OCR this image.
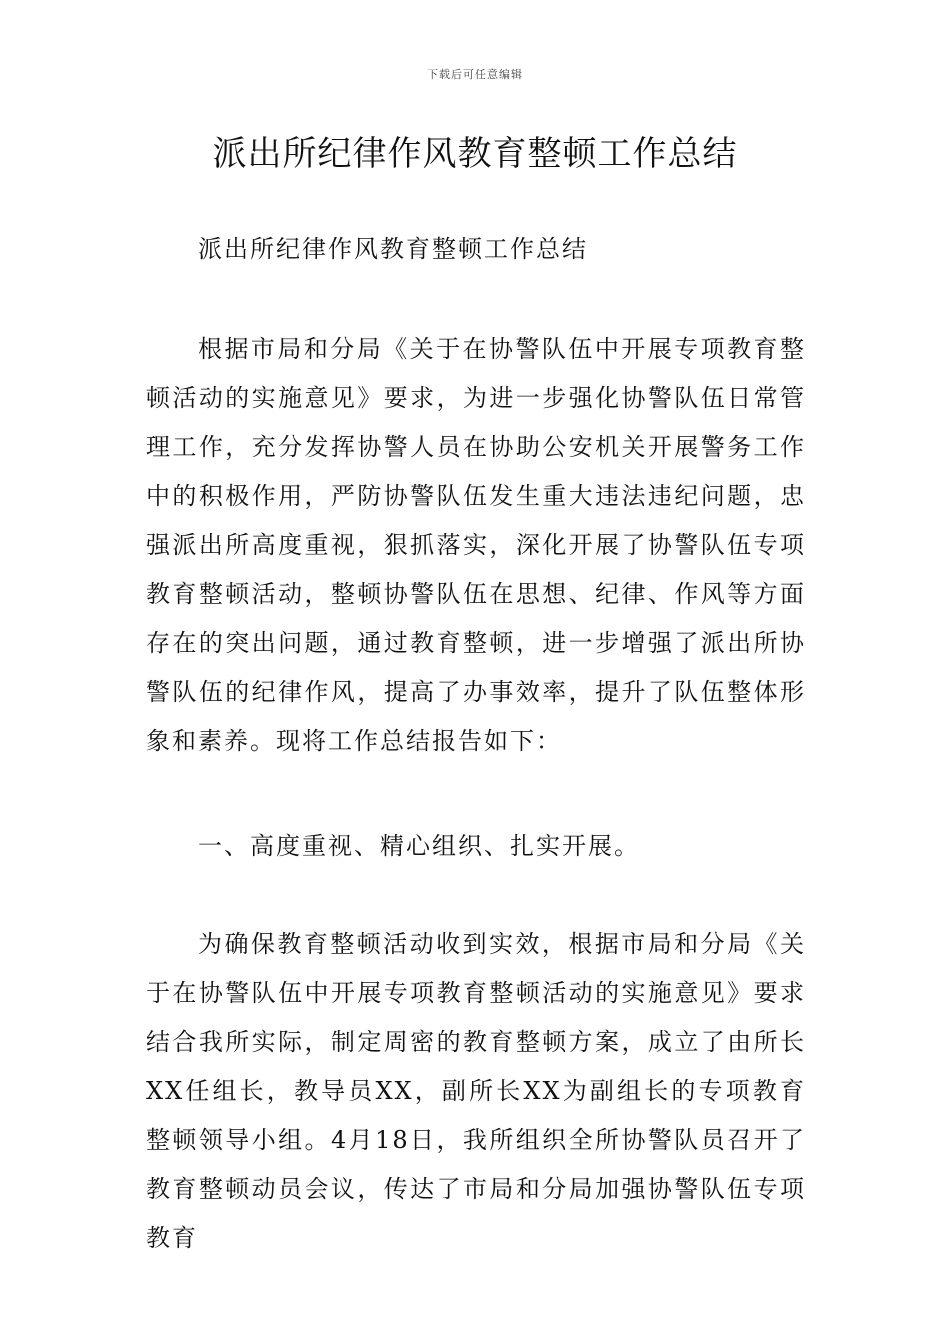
下载后可任意编辑
派出所纪律作风教育整顿工作总结

派出所纪律作风教育整顿工作总结

根据市局和分局《关于在协警队伍中开展专项教育整顿活动的实施意见》要求，为进一步强化协警队伍日常管理工作，充分发挥协警人员在协助公安机关开展警务工作中的积极作用，严防协警队伍发生重大违法违纪问题，忠强派出所高度重视，狠抓落实，深化开展了协警队伍专项教育整顿活动，整顿协警队伍在思想、纪律、作风等方面存在的突出问题，通过教育整顿，进一步增强了派出所协警队伍的纪律作风，提高了办事效率，提升了队伍整体形象和素养。现将工作总结报告如下：

一、高度重视、精心组织、扎实开展。

为确保教育整顿活动收到实效，根据市局和分局《关于在协警队伍中开展专项教育整顿活动的实施意见》要求结合我所实际，制定周密的教育整顿方案，成立了由所长XX任组长，教导员XX，副所长XX为副组长的专项教育整顿领导小组。4月18日，我所组织全所协警队员召开了教育整顿动员会议，传达了市局和分局加强协警队伍专项教育
